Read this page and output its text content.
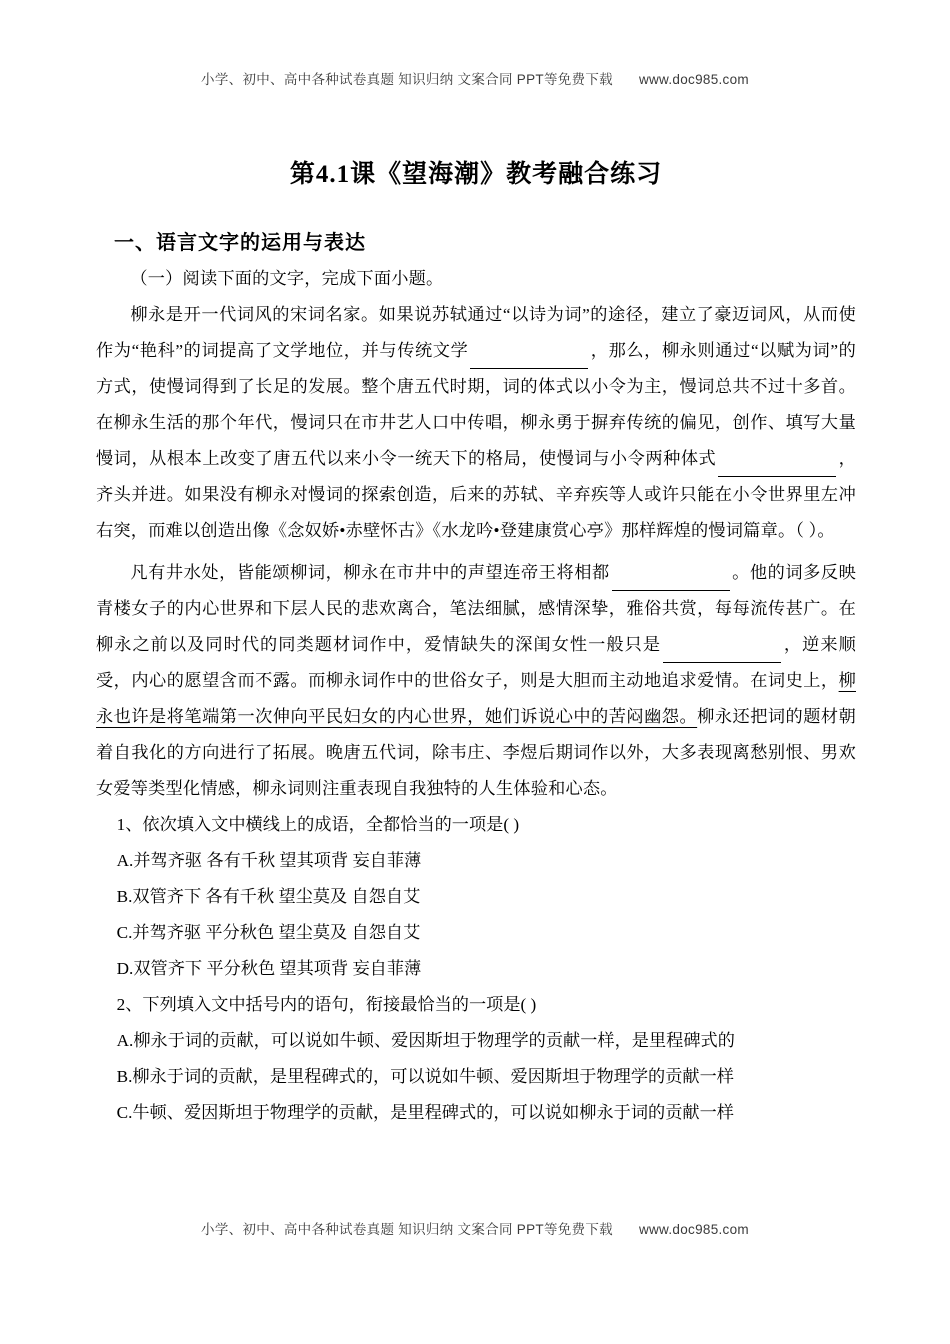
小学、初中、高中各种试卷真题 知识归纳 文案合同 PPT等免费下载 www.doc985.com
第4.1课《望海潮》教考融合练习
一、语言文字的运用与表达

（一）阅读下面的文字，完成下面小题。

柳永是开一代词风的宋词名家。如果说苏轼通过“以诗为词”的途径，建立了豪迈词风，从而使作为“艳科”的词提高了文学地位，并与传统文学	，那么，柳永则通过“以赋为词”的方式，使慢词得到了长足的发展。整个唐五代时期，词的体式以小令为主，慢词总共不过十多首。在柳永生活的那个年代，慢词只在市井艺人口中传唱，柳永勇于摒弃传统的偏见，创作、填写大量慢词，从根本上改变了唐五代以来小令一统天下的格局，使慢词与小令两种体式	，齐头并进。如果没有柳永对慢词的探索创造，后来的苏轼、辛弃疾等人或许只能在小令世界里左冲右突，而难以创造出像《念奴娇•赤壁怀古》《水龙吟•登建康赏心亭》那样辉煌的慢词篇章。（ ）。

凡有井水处，皆能颂柳词，柳永在市井中的声望连帝王将相都	。他的词多反映青楼女子的内心世界和下层人民的悲欢离合，笔法细腻，感情深挚，雅俗共赏，每每流传甚广。在柳永之前以及同时代的同类题材词作中，爱情缺失的深闺女性一般只是	，逆来顺受，内心的愿望含而不露。而柳永词作中的世俗女子，则是大胆而主动地追求爱情。在词史上，柳永也许是将笔端第一次伸向平民妇女的内心世界，她们诉说心中的苦闷幽怨。柳永还把词的题材朝着自我化的方向进行了拓展。晚唐五代词，除韦庄、李煜后期词作以外，大多表现离愁别恨、男欢女爱等类型化情感，柳永词则注重表现自我独特的人生体验和心态。

1、依次填入文中横线上的成语，全都恰当的一项是( )

A.并驾齐驱 各有千秋 望其项背 妄自菲薄

B.双管齐下 各有千秋 望尘莫及 自怨自艾

C.并驾齐驱 平分秋色 望尘莫及 自怨自艾

D.双管齐下 平分秋色 望其项背 妄自菲薄

2、下列填入文中括号内的语句，衔接最恰当的一项是( )

A.柳永于词的贡献，可以说如牛顿、爱因斯坦于物理学的贡献一样，是里程碑式的

B.柳永于词的贡献，是里程碑式的，可以说如牛顿、爱因斯坦于物理学的贡献一样

C.牛顿、爱因斯坦于物理学的贡献，是里程碑式的，可以说如柳永于词的贡献一样

小学、初中、高中各种试卷真题 知识归纳 文案合同 PPT等免费下载 www.doc985.com
